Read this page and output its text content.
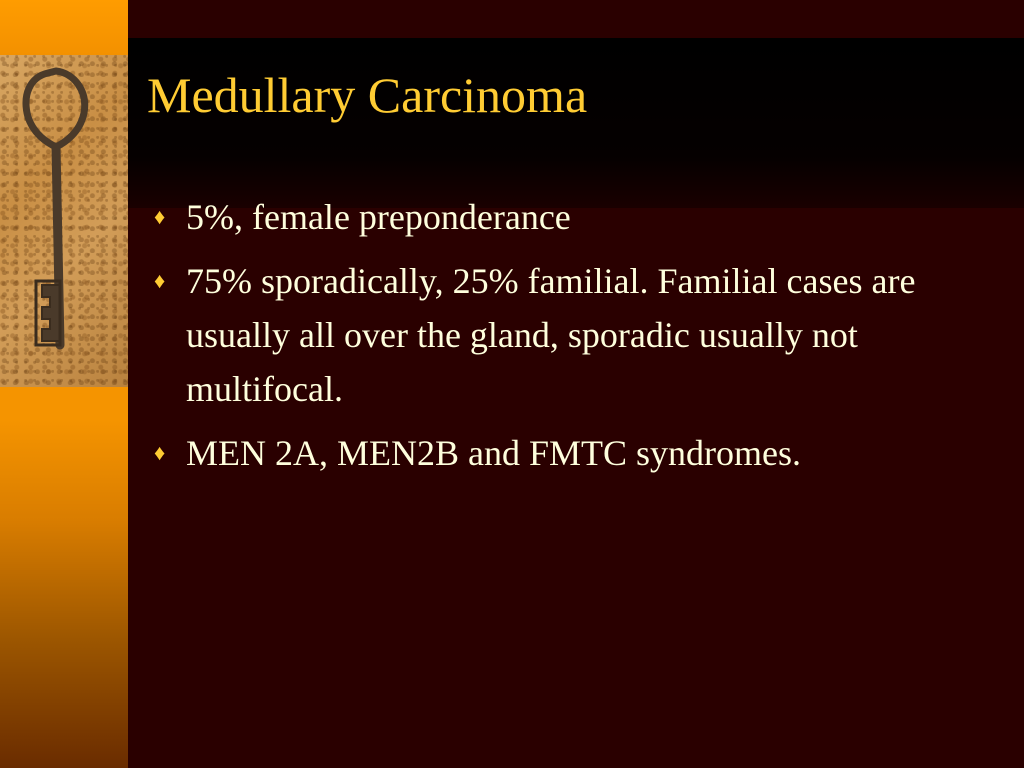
Medullary Carcinoma
♦ 5%, female preponderance
♦ 75% sporadically, 25% familial. Familial cases are usually all over the gland, sporadic usually not multifocal.
♦ MEN 2A, MEN2B and FMTC syndromes.
